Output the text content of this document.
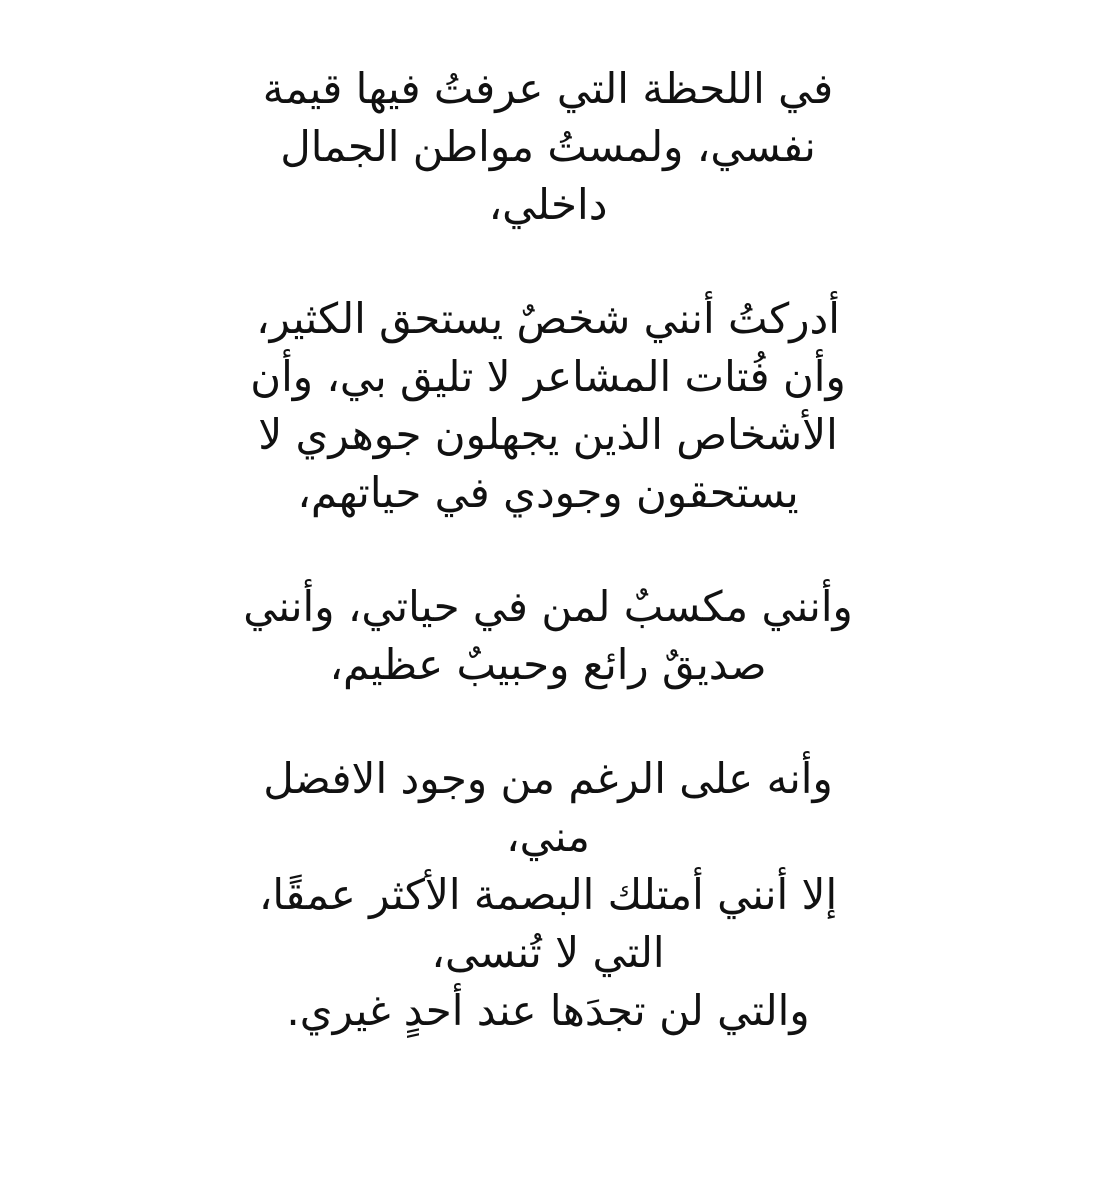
في اللحظة التي عرفتُ فيها قيمة
نفسي، ولمستُ مواطن الجمال
داخلي،

أدركتُ أنني شخصٌ يستحق الكثير،
وأن فُتات المشاعر لا تليق بي، وأن
الأشخاص الذين يجهلون جوهري لا
يستحقون وجودي في حياتهم،

وأنني مكسبٌ لمن في حياتي، وأنني
صديقٌ رائع وحبيبٌ عظيم،

وأنه على الرغم من وجود الافضل
مني،
إلا أنني أمتلك البصمة الأكثر عمقًا،
التي لا تُنسى،
والتي لن تجدَها عند أحدٍ غيري.
